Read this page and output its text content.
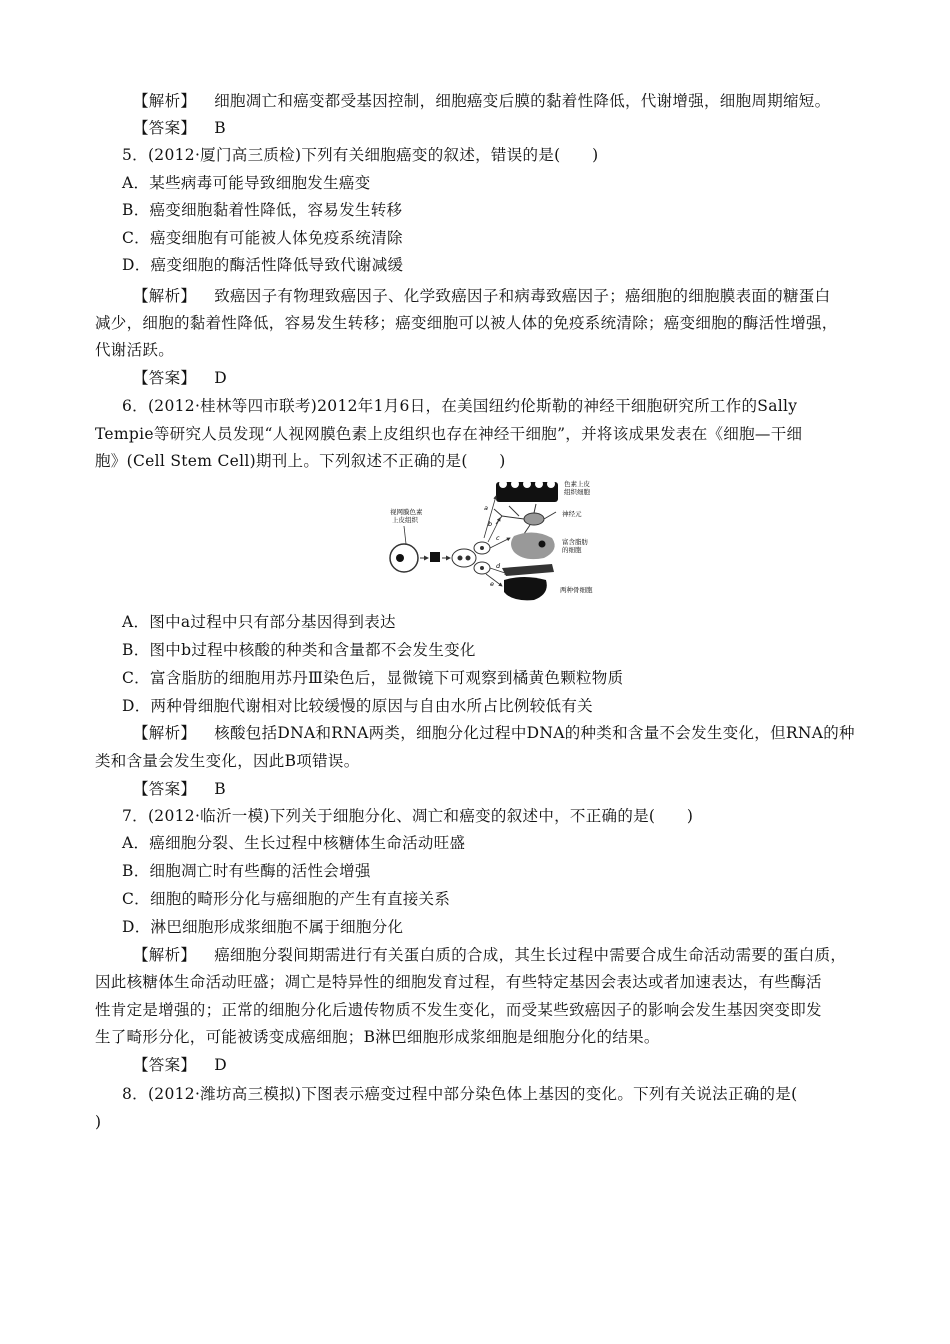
【解析】 细胞凋亡和癌变都受基因控制，细胞癌变后膜的黏着性降低，代谢增强，细胞周期缩短。
【答案】 B
5．(2012·厦门高三质检)下列有关细胞癌变的叙述，错误的是(　　)
A．某些病毒可能导致细胞发生癌变
B．癌变细胞黏着性降低，容易发生转移
C．癌变细胞有可能被人体免疫系统清除
D．癌变细胞的酶活性降低导致代谢减缓
【解析】 致癌因子有物理致癌因子、化学致癌因子和病毒致癌因子；癌细胞的细胞膜表面的糖蛋白
减少，细胞的黏着性降低，容易发生转移；癌变细胞可以被人体的免疫系统清除；癌变细胞的酶活性增强，
代谢活跃。
【答案】 D
6．(2012·桂林等四市联考)2012年1月6日，在美国纽约伦斯勒的神经干细胞研究所工作的Sally
Tempie等研究人员发现“人视网膜色素上皮组织也存在神经干细胞”，并将该成果发表在《细胞—干细
胞》(Cell Stem Cell)期刊上。下列叙述不正确的是(　　)
色素上皮
组织细胞
神经元
富含脂肪
的细胞
两种骨细胞
视网膜色素
上皮组织
a
b
c
d
e
A．图中a过程中只有部分基因得到表达
B．图中b过程中核酸的种类和含量都不会发生变化
C．富含脂肪的细胞用苏丹Ⅲ染色后，显微镜下可观察到橘黄色颗粒物质
D．两种骨细胞代谢相对比较缓慢的原因与自由水所占比例较低有关
【解析】 核酸包括DNA和RNA两类，细胞分化过程中DNA的种类和含量不会发生变化，但RNA的种
类和含量会发生变化，因此B项错误。
【答案】 B
7．(2012·临沂一模)下列关于细胞分化、凋亡和癌变的叙述中，不正确的是(　　)
A．癌细胞分裂、生长过程中核糖体生命活动旺盛
B．细胞凋亡时有些酶的活性会增强
C．细胞的畸形分化与癌细胞的产生有直接关系
D．淋巴细胞形成浆细胞不属于细胞分化
【解析】 癌细胞分裂间期需进行有关蛋白质的合成，其生长过程中需要合成生命活动需要的蛋白质，
因此核糖体生命活动旺盛；凋亡是特异性的细胞发育过程，有些特定基因会表达或者加速表达，有些酶活
性肯定是增强的；正常的细胞分化后遗传物质不发生变化，而受某些致癌因子的影响会发生基因突变即发
生了畸形分化，可能被诱变成癌细胞；B淋巴细胞形成浆细胞是细胞分化的结果。
【答案】 D
8．(2012·潍坊高三模拟)下图表示癌变过程中部分染色体上基因的变化。下列有关说法正确的是(
)
